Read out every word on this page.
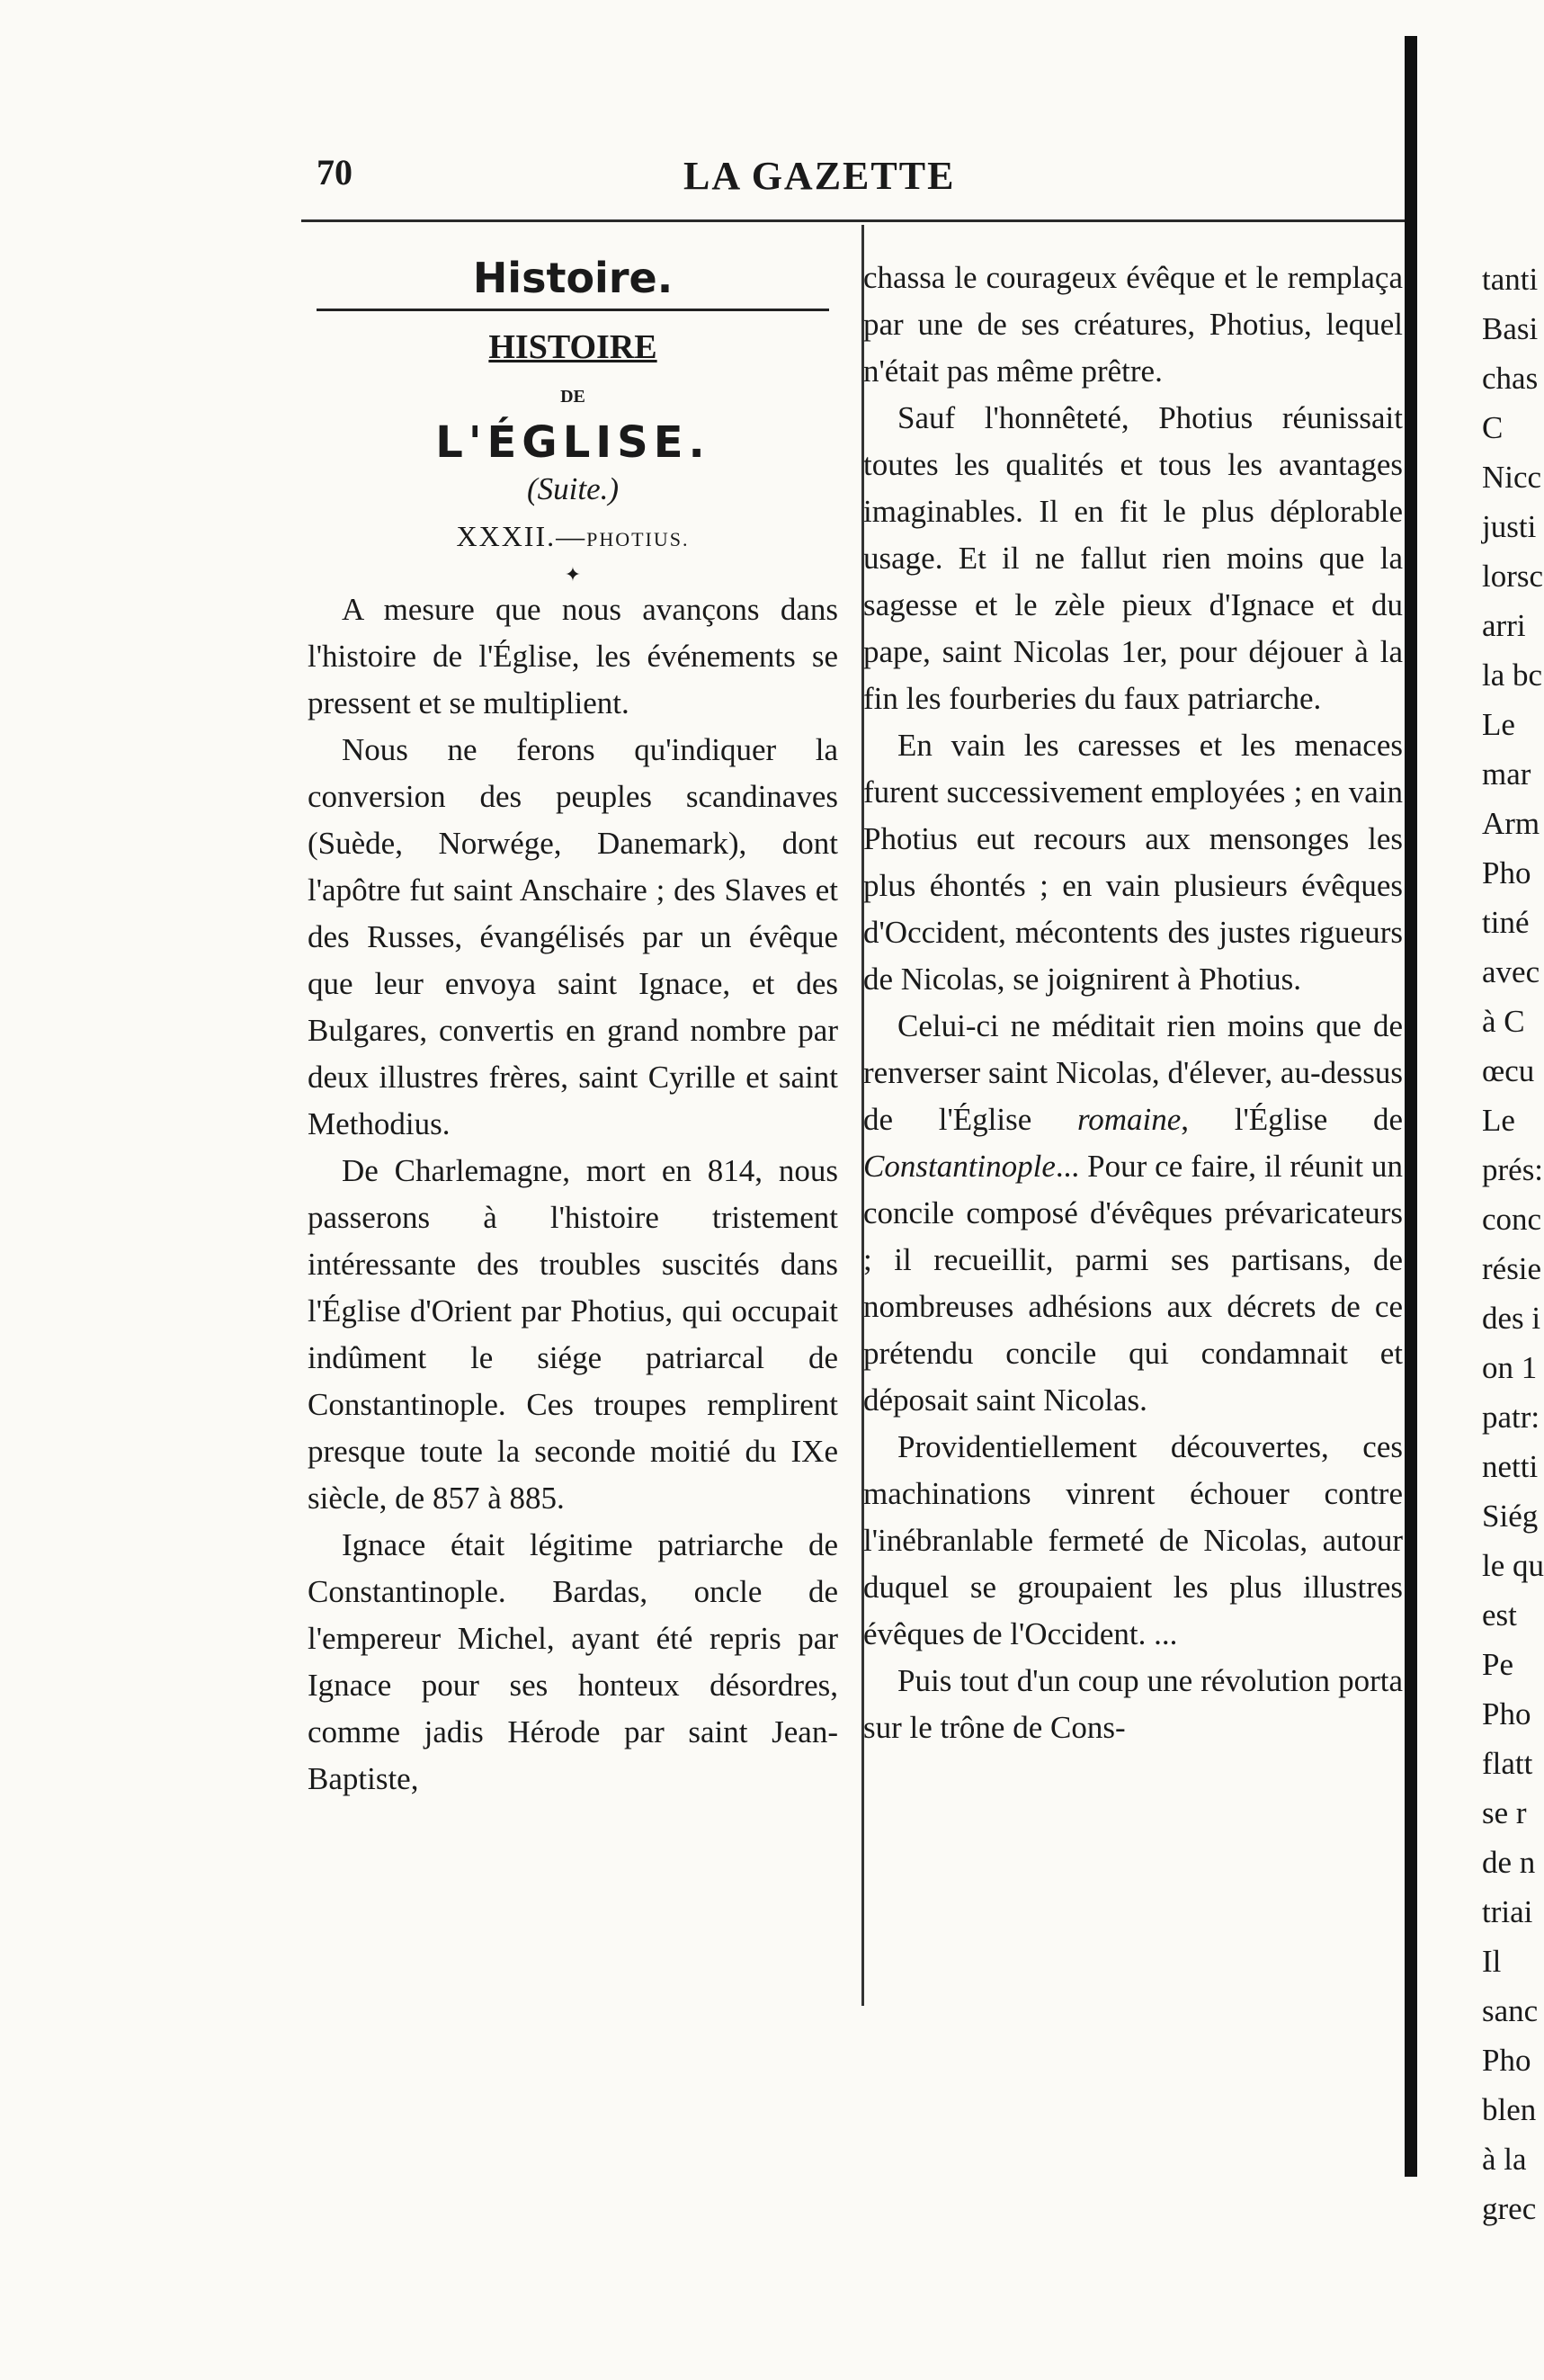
70	LA GAZETTE

Histoire.

HISTOIRE

DE

L'ÉGLISE.

(Suite.)

XXXII.—PHOTIUS.

✦

A mesure que nous avançons dans l'histoire de l'Église, les événements se pressent et se multiplient.

Nous ne ferons qu'indiquer la conversion des peuples scandinaves (Suède, Norwége, Danemark), dont l'apôtre fut saint Anschaire ; des Slaves et des Russes, évangélisés par un évêque que leur envoya saint Ignace, et des Bulgares, convertis en grand nombre par deux illustres frères, saint Cyrille et saint Methodius.

De Charlemagne, mort en 814, nous passerons à l'histoire tristement intéressante des troubles suscités dans l'Église d'Orient par Photius, qui occupait indûment le siége patriarcal de Constantinople. Ces troupes remplirent presque toute la seconde moitié du IXe siècle, de 857 à 885.

Ignace était légitime patriarche de Constantinople. Bardas, oncle de l'empereur Michel, ayant été repris par Ignace pour ses honteux désordres, comme jadis Hérode par saint Jean-Baptiste,

chassa le courageux évêque et le remplaça par une de ses créatures, Photius, lequel n'était pas même prêtre.

Sauf l'honnêteté, Photius réunissait toutes les qualités et tous les avantages imaginables. Il en fit le plus déplorable usage. Et il ne fallut rien moins que la sagesse et le zèle pieux d'Ignace et du pape, saint Nicolas 1er, pour déjouer à la fin les fourberies du faux patriarche.

En vain les caresses et les menaces furent successivement employées ; en vain Photius eut recours aux mensonges les plus éhontés ; en vain plusieurs évêques d'Occident, mécontents des justes rigueurs de Nicolas, se joignirent à Photius.

Celui-ci ne méditait rien moins que de renverser saint Nicolas, d'élever, au-dessus de l'Église romaine, l'Église de Constantinople... Pour ce faire, il réunit un concile composé d'évêques prévaricateurs ; il recueillit, parmi ses partisans, de nombreuses adhésions aux décrets de ce prétendu concile qui condamnait et déposait saint Nicolas.

Providentiellement découvertes, ces machinations vinrent échouer contre l'inébranlable fermeté de Nicolas, autour duquel se groupaient les plus illustres évêques de l'Occident. ...

Puis tout d'un coup une révolution porta sur le trône de Cons-

tanti

Basi

chas

C

Nicc

justi

lorsc

arri

la bc

Le

mar

Arm

Pho

tiné

avec

à C

œcu

Le

prés:

conc

résie

des i

on 1

patr:

netti

Siég

le qu

est

Pe

Pho

flatt

se r

de n

triai

Il

sanc

Pho

blen

à la

grec
